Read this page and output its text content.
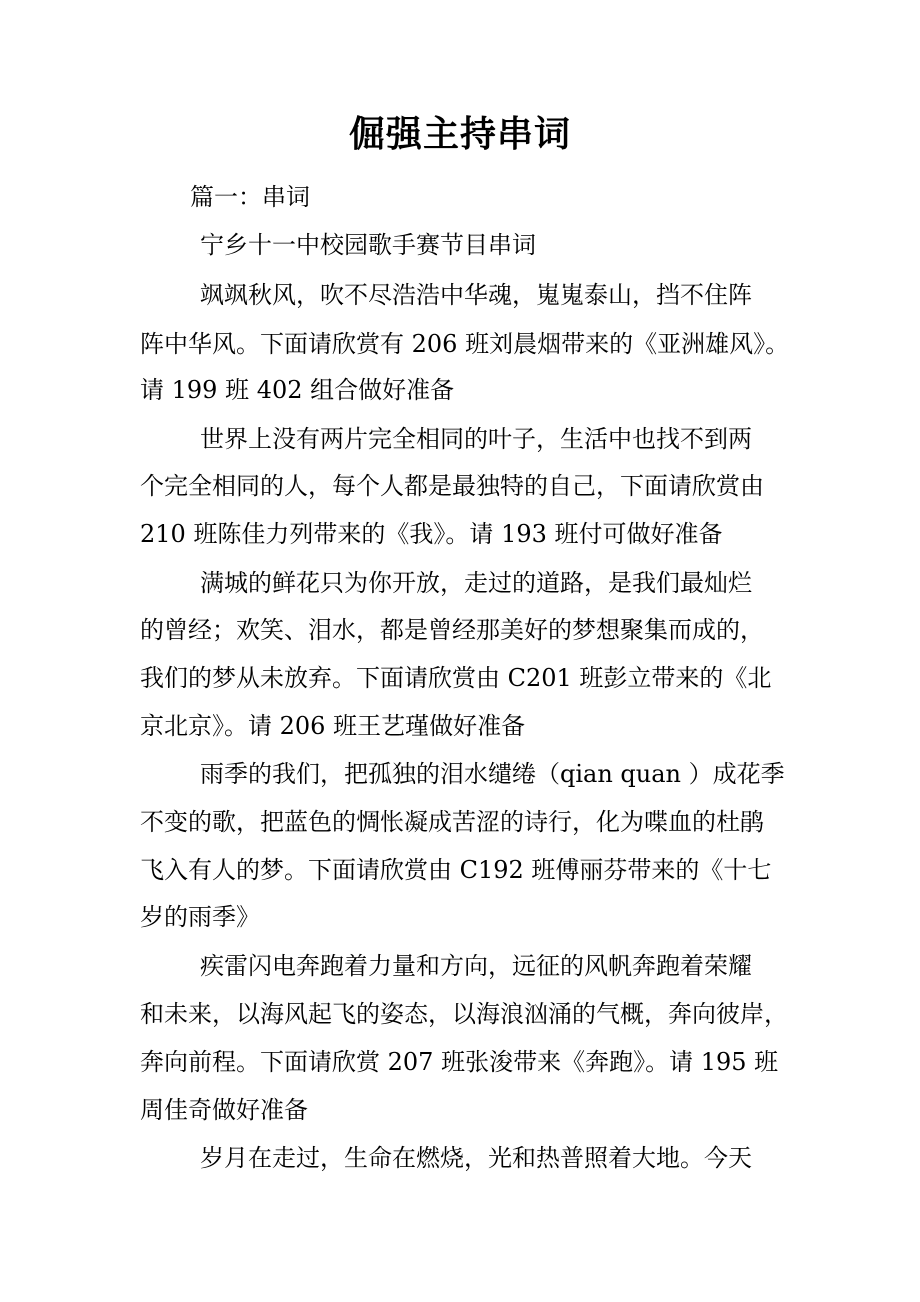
倔强主持串词
篇一：串词
宁乡十一中校园歌手赛节目串词
飒飒秋风，吹不尽浩浩中华魂，嵬嵬泰山，挡不住阵
阵中华风。下面请欣赏有 206 班刘晨烟带来的《亚洲雄风》。
请 199 班 402 组合做好准备
世界上没有两片完全相同的叶子，生活中也找不到两
个完全相同的人，每个人都是最独特的自己，下面请欣赏由
210 班陈佳力列带来的《我》。请 193 班付可做好准备
满城的鲜花只为你开放，走过的道路，是我们最灿烂
的曾经；欢笑、泪水，都是曾经那美好的梦想聚集而成的，
我们的梦从未放弃。下面请欣赏由 C201 班彭立带来的《北
京北京》。请 206 班王艺瑾做好准备
雨季的我们，把孤独的泪水缱绻（qian quan ）成花季
不变的歌，把蓝色的惆怅凝成苦涩的诗行，化为喋血的杜鹃
飞入有人的梦。下面请欣赏由 C192 班傅丽芬带来的《十七
岁的雨季》
疾雷闪电奔跑着力量和方向，远征的风帆奔跑着荣耀
和未来，以海风起飞的姿态，以海浪汹涌的气概，奔向彼岸，
奔向前程。下面请欣赏 207 班张浚带来《奔跑》。请 195 班
周佳奇做好准备
岁月在走过，生命在燃烧，光和热普照着大地。今天
